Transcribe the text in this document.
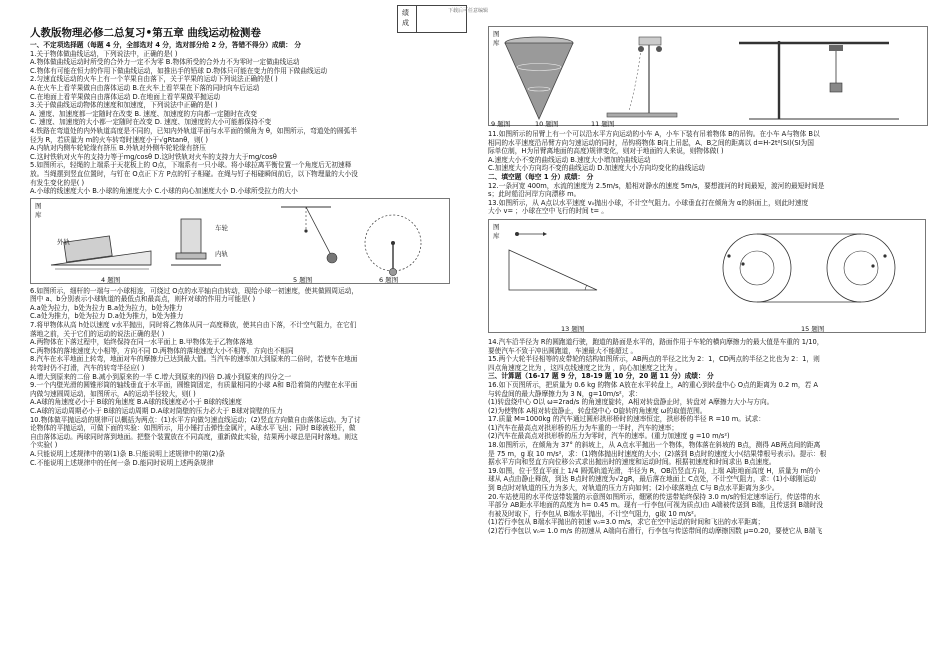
绩成
下载后可任意编辑
人教版物理必修二总复习•第五章 曲线运动检测卷
一、不定项选择题（每题 4 分，全部选对 4 分，选对部分给 2 分，答错不得分）成绩： 分
1.关于物体做曲线运动，下列说法中，正确的是( )
A.物体做曲线运动时所受的合外力一定不为零 B.物体所受的合外力不为零时一定做曲线运动
C.物体有可能在恒力的作用下做曲线运动，如推出手的铅球 D.物体只可能在变力的作用下做曲线运动
2.匀速直线运动的火车上有一个苹果自由落下，关于苹果的运动下列说法正确的是( )
A.在火车上看苹果做自由落体运动 B.在火车上看苹果在下落的同时向车后运动
C.在地面上看苹果做自由落体运动 D.在地面上看苹果做平抛运动
3.关于做曲线运动物体的速度和加速度，下列说法中正确的是( )
A. 速度、加速度都一定随时在改变 B. 速度、加速度的方向都一定随时在改变
C. 速度、加速度的大小都一定随时在改变 D. 速度、加速度的大小可能都保持不变
4.铁路在弯道处的内外轨道高度是不同的，已知内外轨道平面与水平面的倾角为 θ，如图所示，弯道处的圆弧半
径为 R，若质量为 m的火车转弯时速度小于√gRtanθ，则( )
A.内轨对内侧车轮轮缘有挤压 B.外轨对外侧车轮轮缘有挤压
C.这时铁轨对火车的支持力等于mg/cosθ D.这时铁轨对火车的支持力大于mg/cosθ
5.如图所示，轻绳的上端系于天花板上的 O点，下端系有一只小球。将小球拉离平衡位置一个角度后无初速释
放。当绳摆到竖直位置时，与钉在 O点正下方 P点的钉子相碰。在绳与钉子相碰瞬间前后，以下物理量的大小没
有发生变化的是( )
A.小球的线速度大小 B.小球的角速度大小 C.小球的向心加速度大小 D.小球所受拉力的大小
图库
外轨
车轮
内轨
4 题图	5 题图	6 题图
6.如图所示，细杆的一端与一小球相连，可绕过 O点的水平轴自由转动，现给小球一初速度，使其做圆周运动，
图中 a、b分别表示小球轨道的最低点和最高点，则杆对球的作用力可能是( )
A.a处为拉力，b处为拉力 B.a处为拉力，b处为推力
C.a处为推力，b处为拉力 D.a处为推力，b处为推力
7.将甲物体从高 h处以速度 v水平抛出，同时将乙物体从同一高度释放，使其自由下落，不计空气阻力，在它们
落地之前，关于它们的运动的说法正确的是( )
A.两物体在下落过程中，始终保持在同一水平面上 B.甲物体先于乙物体落地
C.两物体的落地速度大小相等，方向不同 D.两物体的落地速度大小不相等，方向也不相同
8.汽车在水平地面上转弯，地面对车的摩擦力已达到最大值。当汽车的速率加大到原来的二倍时，若使车在地面
转弯时仍不打滑，汽车的转弯半径应( )
A.增大到原来的二倍 B.减小到原来的一半 C.增大到原来的四倍 D.减小到原来的四分之一
9.一个内壁光滑的圆锥形筒的轴线垂直于水平面，圆锥筒固定，有质量相同的小球 A和 B沿着筒的内壁在水平面
内做匀速圆周运动，如图所示，A的运动半径较大，则( )
A.A球的角速度必小于 B球的角速度 B.A球的线速度必小于 B球的线速度
C.A球的运动周期必小于 B球的运动周期 D.A球对筒壁的压力必大于 B球对筒壁的压力
10.物体做平抛运动的规律可以概括为两点：(1)水平方向做匀速直线运动；(2)竖直方向做自由落体运动。为了讨
论物体的平抛运动，可做下面的实验：如图所示，用小锤打击弹性金属片，A球水平飞出；同时 B球被松开，做
自由落体运动。两球同时落到地面。把整个装置放在不同高度，重新做此实验，结果两小球总是同时落地。则这
个实验( )
A.只能说明上述规律中的第(1)条 B.只能说明上述规律中的第(2)条
C.不能说明上述规律中的任何一条 D.能同时说明上述两条规律
图库
9 题图	10 题图	11 题图
11.如图所示的吊臂上有一个可以沿水平方向运动的小车 A，小车下装有吊着物体 B的吊钩。在小车 A与物体 B以
相同的水平速度沿吊臂方向匀速运动的同时，吊钩将物体 B向上吊起，A、B之间的距离以 d=H-2t²(SI)(SI为国
际单位制，H为吊臂离地面的高度)规律变化，则对于地面的人来说，则物体做( )
A.速度大小不变的曲线运动 B.速度大小增加的曲线运动
C.加速度大小方向均不变的曲线运动 D.加速度大小方向均变化的曲线运动
二、填空题（每空 1 分）成绩： 分
12.一条河宽 400m，水流的速度为 2.5m/s，船相对静水的速度 5m/s，要想渡河的时间最短，渡河的最短时间是
s；此时船沿河岸方向漂移 m。
13.如图所示，从 A点以水平速度 v₀抛出小球，不计空气阻力。小球垂直打在倾角为 α的斜面上，则此时速度
大小 v= ；小球在空中飞行的时间 t= 。
图库
13 题图	15 题图
14.汽车沿半径为 R的圆跑道行驶，跑道的路面是水平的，路面作用于车轮的横向摩擦力的最大值是车重的 1/10，
要使汽车不致于冲出圆跑道，车速最大不能超过 。
15.两个大轮半径相等的皮带轮的结构如图所示，AB两点的半径之比为 2：1，CD两点的半径之比也为 2：1，则
四点角速度之比为 ，这四点线速度之比为 ，向心加速度之比为 。
三、计算题（16-17 题 9 分，18-19 题 10 分，20 题 11 分）成绩： 分
16.如下页图所示，把质量为 0.6 kg 的物体 A放在水平转盘上，A的重心到转盘中心 O点的距离为 0.2 m，若 A
与转盘间的最大静摩擦力为 3 N，g=10m/s²，求：
(1)转盘绕中心 O以 ω=2rad/s 的角速度旋转，A相对转盘静止时，转盘对 A摩擦力大小与方向。
(2)为使物体 A相对转盘静止，转盘绕中心 O旋转的角速度 ω的取值范围。
17.质量 M=1000kg 的汽车通过圆形拱形桥时的速率恒定，拱形桥的半径 R =10 m。试求：
(1)汽车在最高点对拱形桥的压力为车重的一半时，汽车的速率；
(2)汽车在最高点对拱形桥的压力为零时，汽车的速率。(重力加速度 g =10 m/s²)
18.如图所示，在倾角为 37° 的斜坡上，从 A点水平抛出一个物体，物体落在斜坡的 B点，测得 AB两点间的距离
是 75 m，g 取 10 m/s²，求：(1)物体抛出时速度的大小；(2)落到 B点时的速度大小(结果带根号表示)。提示：根
据水平方向和竖直方向位移公式求出抛出时的速度和运动时间。根据初速度和时间求出 B点速度。
19.如图，位于竖直平面上 1/4 圆弧轨道光滑，半径为 R，OB沿竖直方向，上端 A距地面高度 H，质量为 m的小
球从 A点由静止释放，到达 B点时的速度为√2gR，最后落在地面上 C点处，不计空气阻力，求：(1)小球刚运动
到 B点时对轨道的压力为多大，对轨道的压力方向如何；(2)小球落地点 C与 B点水平距离为多少。
20.车站使用的水平传送带装置的示意图如图所示，绷紧的传送带始终保持 3.0 m/s的恒定速率运行，传送带的水
平部分 AB距水平地面的高度为 h= 0.45 m。现有一行李包(可视为质点)由 A端被传送到 B端，且传送到 B端时没
有被及时取下，行李包从 B端水平抛出，不计空气阻力，g取 10 m/s²。
(1)若行李包从 B端水平抛出的初速 v₀=3.0 m/s，求它在空中运动的时间和飞出的水平距离；
(2)若行李包以 v₀= 1.0 m/s 的初速从 A端向右滑行，行李包与传送带间的动摩擦因数 μ=0.20，要使它从 B端飞
